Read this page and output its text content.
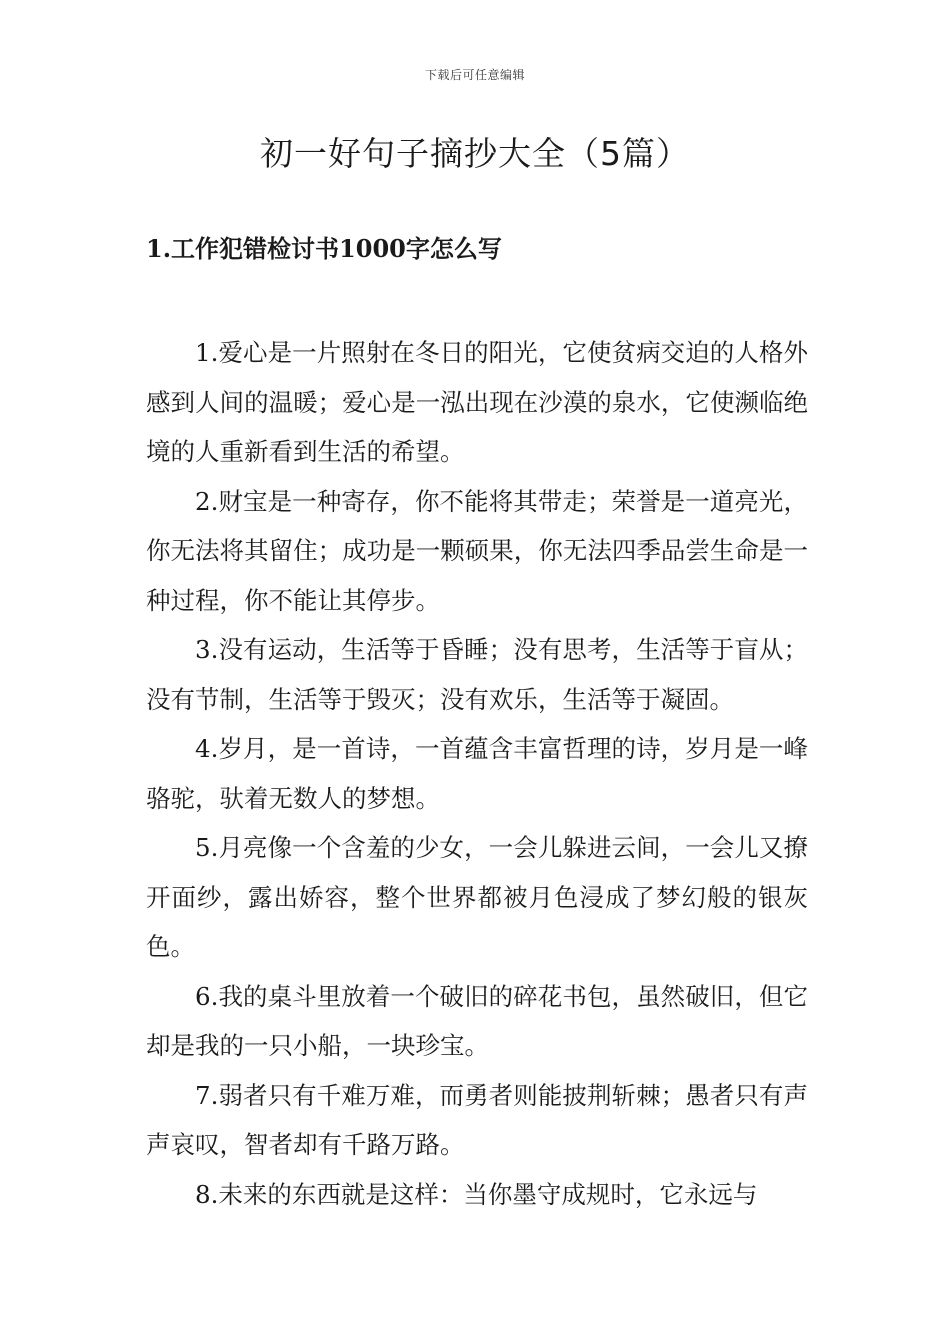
下载后可任意编辑
初一好句子摘抄大全（5篇）
1.工作犯错检讨书1000字怎么写

1.爱心是一片照射在冬日的阳光，它使贫病交迫的人格外感到人间的温暖；爱心是一泓出现在沙漠的泉水，它使濒临绝境的人重新看到生活的希望。

2.财宝是一种寄存，你不能将其带走；荣誉是一道亮光，你无法将其留住；成功是一颗硕果，你无法四季品尝生命是一种过程，你不能让其停步。

3.没有运动，生活等于昏睡；没有思考，生活等于盲从；没有节制，生活等于毁灭；没有欢乐，生活等于凝固。

4.岁月，是一首诗，一首蕴含丰富哲理的诗，岁月是一峰骆驼，驮着无数人的梦想。

5.月亮像一个含羞的少女，一会儿躲进云间，一会儿又撩开面纱，露出娇容，整个世界都被月色浸成了梦幻般的银灰色。

6.我的桌斗里放着一个破旧的碎花书包，虽然破旧，但它却是我的一只小船，一块珍宝。

7.弱者只有千难万难，而勇者则能披荆斩棘；愚者只有声声哀叹，智者却有千路万路。

8.未来的东西就是这样：当你墨守成规时，它永远与
